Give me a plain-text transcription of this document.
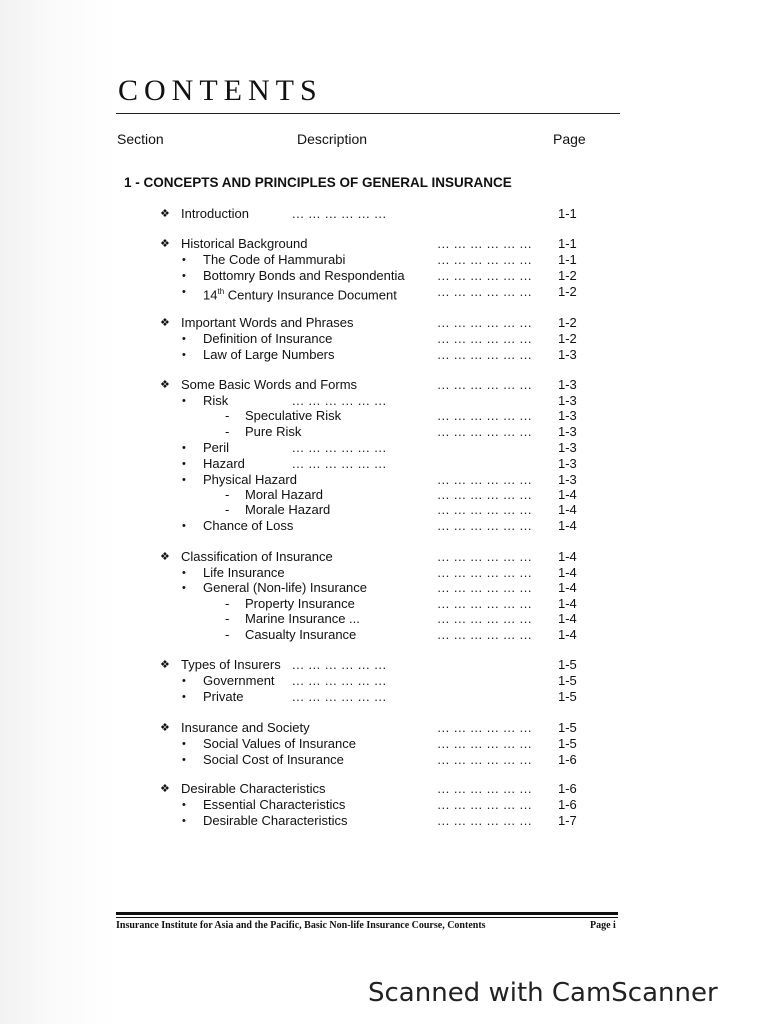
CONTENTS
Section	Description	Page
1 - CONCEPTS AND PRINCIPLES OF GENERAL INSURANCE
❖ Introduction	... ... ... ... ... ...	1-1
❖ Historical Background	... ... ... ... ... ... 1-1
• The Code of Hammurabi	... ... ... ... ... ... 1-1
• Bottomry Bonds and Respondentia	... ... ... ... ... ... 1-2
• 14th Century Insurance Document	... ... ... ... ... ... 1-2
❖ Important Words and Phrases	... ... ... ... ... ... 1-2
• Definition of Insurance	... ... ... ... ... ... 1-2
• Law of Large Numbers	... ... ... ... ... ... 1-3
❖ Some Basic Words and Forms	... ... ... ... ... ... 1-3
• Risk	... ... ... ... ... ...	1-3
- Speculative Risk	... ... ... ... ... ... 1-3
- Pure Risk	... ... ... ... ... ... 1-3
• Peril	... ... ... ... ... ...	1-3
• Hazard	... ... ... ... ... ...	1-3
• Physical Hazard	... ... ... ... ... ... 1-3
- Moral Hazard	... ... ... ... ... ... 1-4
- Morale Hazard	... ... ... ... ... ... 1-4
• Chance of Loss	... ... ... ... ... ... 1-4
❖ Classification of Insurance	... ... ... ... ... ... 1-4
• Life Insurance	... ... ... ... ... ... 1-4
• General (Non-life) Insurance	... ... ... ... ... ... 1-4
- Property Insurance	... ... ... ... ... ... 1-4
- Marine Insurance ...	... ... ... ... ... ... 1-4
- Casualty Insurance	... ... ... ... ... ... 1-4
❖ Types of Insurers ... ... ... ... ... ...	1-5
• Government ... ... ... ... ... ...	1-5
• Private	... ... ... ... ... ...	1-5
❖ Insurance and Society	... ... ... ... ... ... 1-5
• Social Values of Insurance	... ... ... ... ... ... 1-5
• Social Cost of Insurance	... ... ... ... ... ... 1-6
❖ Desirable Characteristics	... ... ... ... ... ... 1-6
• Essential Characteristics	... ... ... ... ... ... 1-6
• Desirable Characteristics	... ... ... ... ... ... 1-7
Insurance Institute for Asia and the Pacific, Basic Non-life Insurance Course, Contents	Page i
Scanned with CamScanner
